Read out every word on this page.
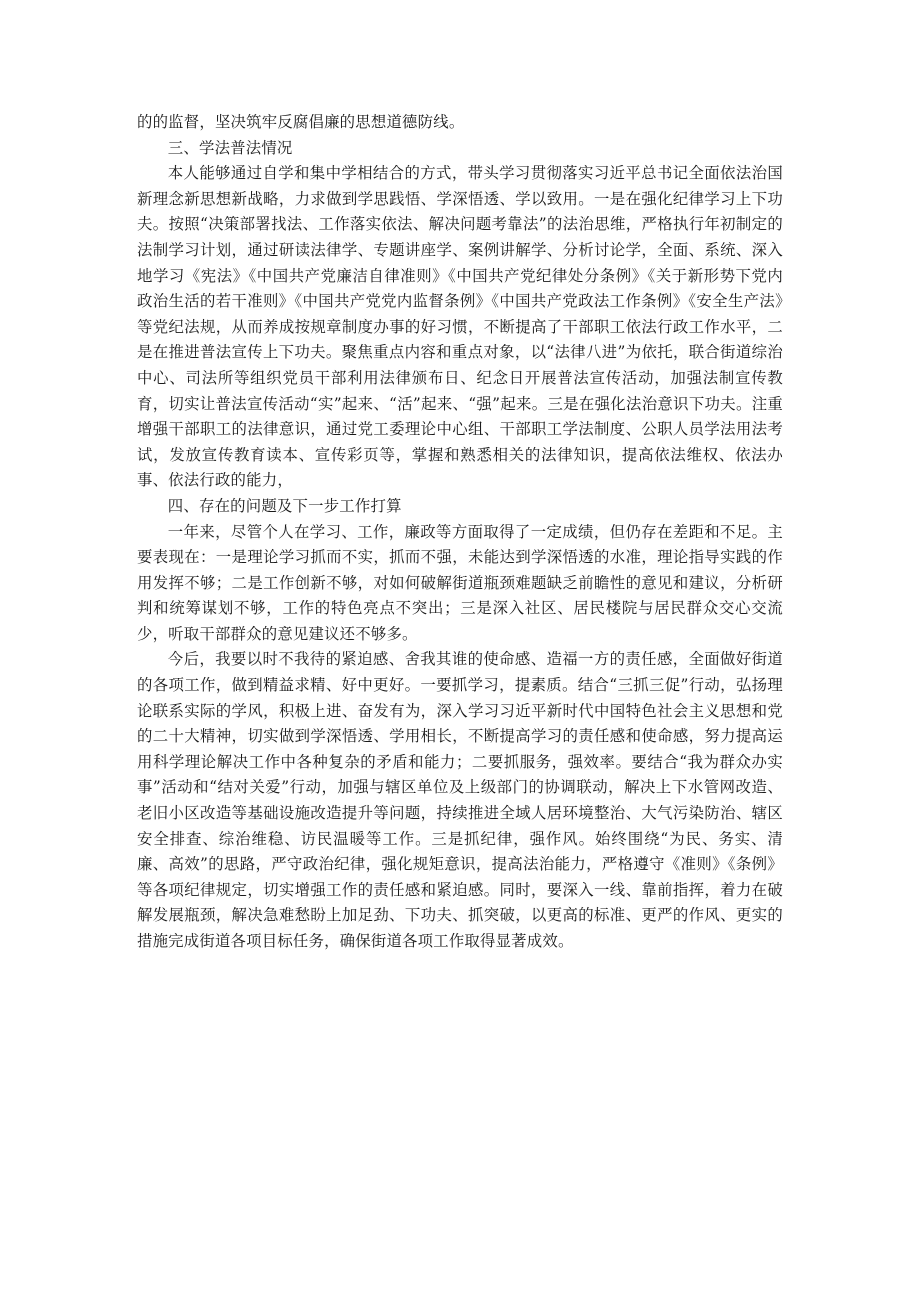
的的监督，坚决筑牢反腐倡廉的思想道德防线。

三、学法普法情况

本人能够通过自学和集中学相结合的方式，带头学习贯彻落实习近平总书记全面依法治国新理念新思想新战略，力求做到学思践悟、学深悟透、学以致用。一是在强化纪律学习上下功夫。按照“决策部署找法、工作落实依法、解决问题考靠法”的法治思维，严格执行年初制定的法制学习计划，通过研读法律学、专题讲座学、案例讲解学、分析讨论学，全面、系统、深入地学习《宪法》《中国共产党廉洁自律准则》《中国共产党纪律处分条例》《关于新形势下党内政治生活的若干准则》《中国共产党党内监督条例》《中国共产党政法工作条例》《安全生产法》等党纪法规，从而养成按规章制度办事的好习惯，不断提高了干部职工依法行政工作水平，二是在推进普法宣传上下功夫。聚焦重点内容和重点对象，以“法律八进”为依托，联合街道综治中心、司法所等组织党员干部利用法律颁布日、纪念日开展普法宣传活动，加强法制宣传教育，切实让普法宣传活动“实”起来、“活”起来、“强”起来。三是在强化法治意识下功夫。注重增强干部职工的法律意识，通过党工委理论中心组、干部职工学法制度、公职人员学法用法考试，发放宣传教育读本、宣传彩页等，掌握和熟悉相关的法律知识，提高依法维权、依法办事、依法行政的能力，

四、存在的问题及下一步工作打算

一年来，尽管个人在学习、工作，廉政等方面取得了一定成绩，但仍存在差距和不足。主要表现在：一是理论学习抓而不实，抓而不强，未能达到学深悟透的水准，理论指导实践的作用发挥不够；二是工作创新不够，对如何破解街道瓶颈难题缺乏前瞻性的意见和建议，分析研判和统筹谋划不够，工作的特色亮点不突出；三是深入社区、居民楼院与居民群众交心交流少，听取干部群众的意见建议还不够多。

今后，我要以时不我待的紧迫感、舍我其谁的使命感、造福一方的责任感，全面做好街道的各项工作，做到精益求精、好中更好。一要抓学习，提素质。结合“三抓三促”行动，弘扬理论联系实际的学风，积极上进、奋发有为，深入学习习近平新时代中国特色社会主义思想和党的二十大精神，切实做到学深悟透、学用相长，不断提高学习的责任感和使命感，努力提高运用科学理论解决工作中各种复杂的矛盾和能力；二要抓服务，强效率。要结合“我为群众办实事”活动和“结对关爱”行动，加强与辖区单位及上级部门的协调联动，解决上下水管网改造、老旧小区改造等基础设施改造提升等问题，持续推进全域人居环境整治、大气污染防治、辖区安全排查、综治维稳、访民温暖等工作。三是抓纪律，强作风。始终围绕“为民、务实、清廉、高效”的思路，严守政治纪律，强化规矩意识，提高法治能力，严格遵守《准则》《条例》等各项纪律规定，切实增强工作的责任感和紧迫感。同时，要深入一线、靠前指挥，着力在破解发展瓶颈，解决急难愁盼上加足劲、下功夫、抓突破，以更高的标准、更严的作风、更实的措施完成街道各项目标任务，确保街道各项工作取得显著成效。
